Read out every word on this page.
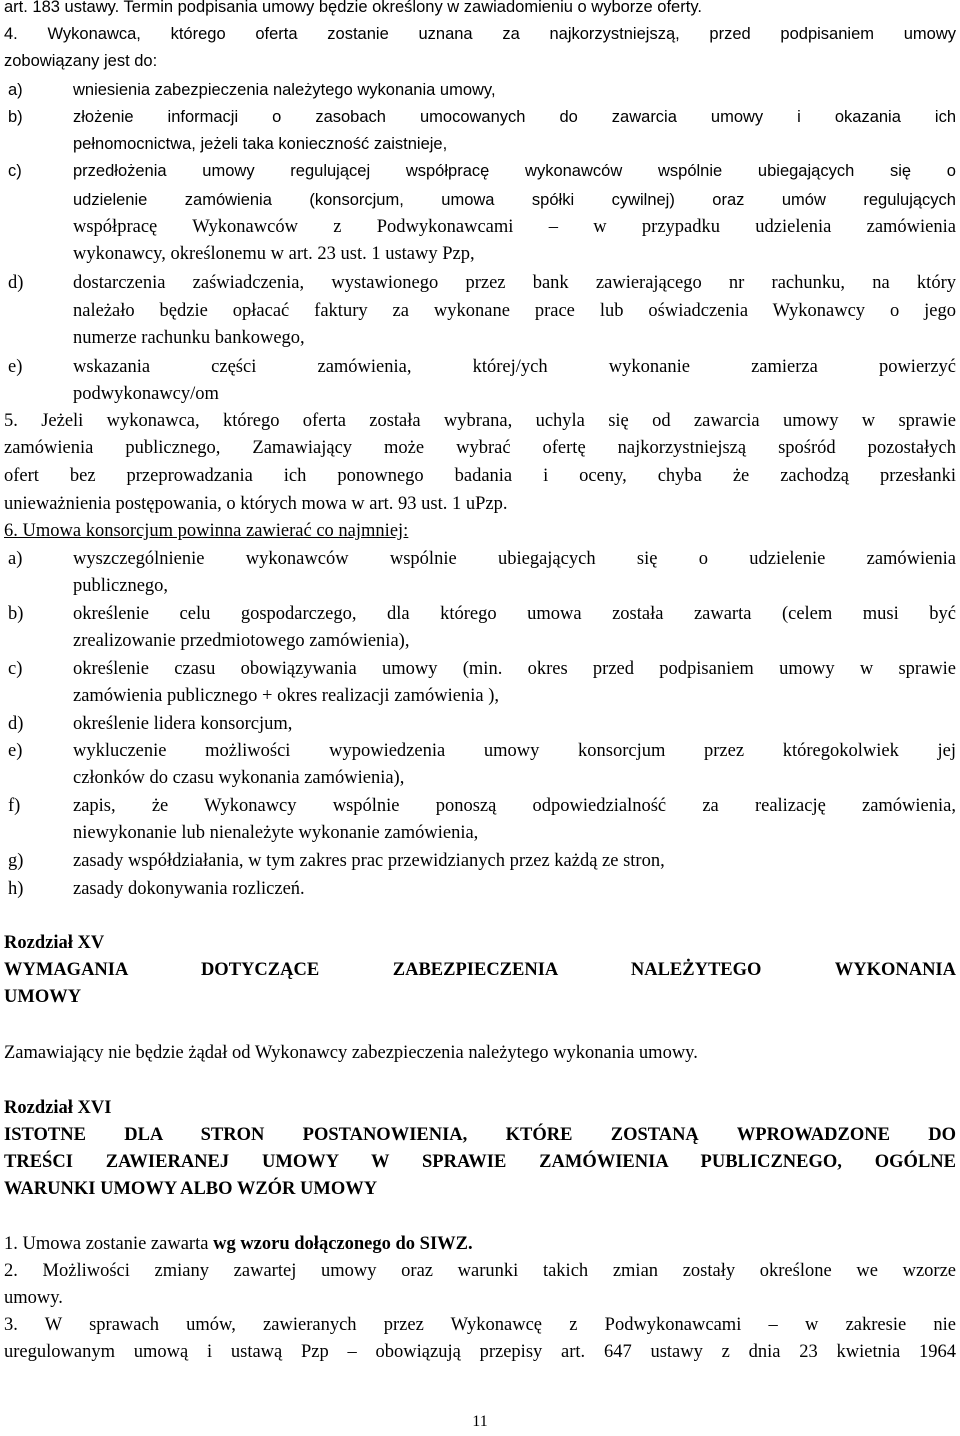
art. 183 ustawy. Termin podpisania umowy będzie określony w zawiadomieniu o wyborze oferty.
4. Wykonawca, którego oferta zostanie uznana za najkorzystniejszą, przed podpisaniem umowy
zobowiązany jest do:
a)	wniesienia zabezpieczenia należytego wykonania umowy,
b)	złożenie informacji o zasobach umocowanych do zawarcia umowy i okazania ich
pełnomocnictwa, jeżeli taka konieczność zaistnieje,
c)	przedłożenia umowy regulującej współpracę wykonawców wspólnie ubiegających się o
udzielenie zamówienia (konsorcjum, umowa spółki cywilnej) oraz umów regulujących
współpracę Wykonawców z Podwykonawcami – w przypadku udzielenia zamówienia
wykonawcy, określonemu w art. 23 ust. 1 ustawy Pzp,
d)	dostarczenia zaświadczenia, wystawionego przez bank zawierającego nr rachunku, na który
należało będzie opłacać faktury za wykonane prace lub oświadczenia Wykonawcy o jego
numerze rachunku bankowego,
e)	wskazania części zamówienia, której/ych wykonanie zamierza powierzyć
podwykonawcy/om
5. Jeżeli wykonawca, którego oferta została wybrana, uchyla się od zawarcia umowy w sprawie
zamówienia publicznego, Zamawiający może wybrać ofertę najkorzystniejszą spośród pozostałych
ofert bez przeprowadzania ich ponownego badania i oceny, chyba że zachodzą przesłanki
unieważnienia postępowania, o których mowa w art. 93 ust. 1 uPzp.
6. Umowa konsorcjum powinna zawierać co najmniej:
a)	wyszczególnienie wykonawców wspólnie ubiegających się o udzielenie zamówienia
publicznego,
b)	określenie celu gospodarczego, dla którego umowa została zawarta (celem musi być
zrealizowanie przedmiotowego zamówienia),
c)	określenie czasu obowiązywania umowy (min. okres przed podpisaniem umowy w sprawie
zamówienia publicznego + okres realizacji zamówienia ),
d)	określenie lidera konsorcjum,
e)	wykluczenie możliwości wypowiedzenia umowy konsorcjum przez któregokolwiek jej
członków do czasu wykonania zamówienia),
f)	zapis, że Wykonawcy wspólnie ponoszą odpowiedzialność za realizację zamówienia,
niewykonanie lub nienależyte wykonanie zamówienia,
g)	zasady współdziałania, w tym zakres prac przewidzianych przez każdą ze stron,
h)	zasady dokonywania rozliczeń.
Rozdział XV
WYMAGANIA DOTYCZĄCE ZABEZPIECZENIA NALEŻYTEGO WYKONANIA
UMOWY
Zamawiający nie będzie żądał od Wykonawcy zabezpieczenia należytego wykonania umowy.
Rozdział XVI
ISTOTNE DLA STRON POSTANOWIENIA, KTÓRE ZOSTANĄ WPROWADZONE DO
TREŚCI ZAWIERANEJ UMOWY W SPRAWIE ZAMÓWIENIA PUBLICZNEGO, OGÓLNE
WARUNKI UMOWY ALBO WZÓR UMOWY
1. Umowa zostanie zawarta wg wzoru dołączonego do SIWZ.
2. Możliwości zmiany zawartej umowy oraz warunki takich zmian zostały określone we wzorze
umowy.
3. W sprawach umów, zawieranych przez Wykonawcę z Podwykonawcami – w zakresie nie
uregulowanym umową i ustawą Pzp – obowiązują przepisy art. 647 ustawy z dnia 23 kwietnia 1964
11
